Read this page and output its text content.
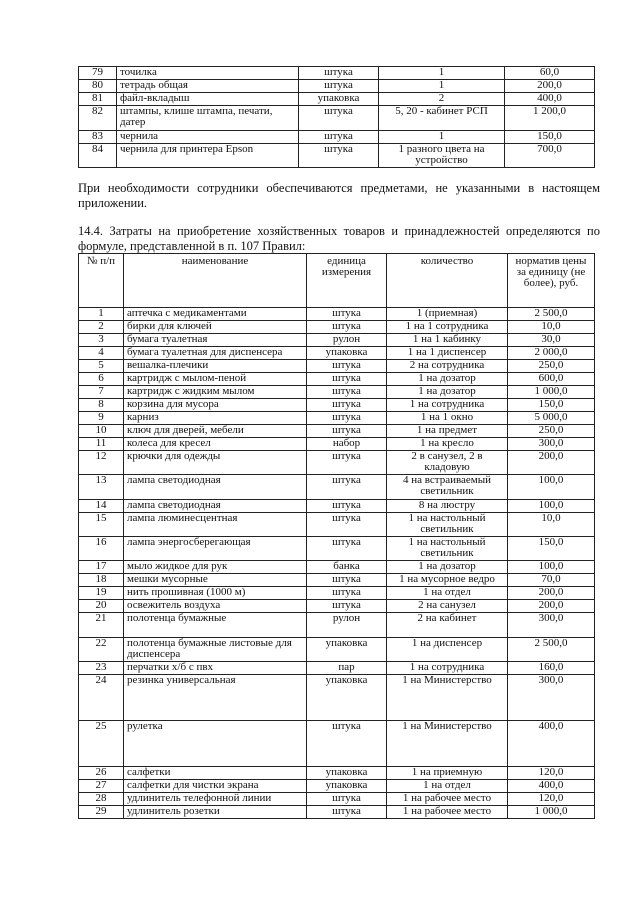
79	точилка	штука	1	60,0
80	тетрадь общая	штука	1	200,0
81	файл-вкладыш	упаковка	2	400,0
82	штампы, клише штампа, печати, датер	штука	5, 20 - кабинет РСП	1 200,0
83	чернила	штука	1	150,0
84	чернила для принтера Epson	штука	1 разного цвета на устройство	700,0

При необходимости сотрудники обеспечиваются предметами, не указанными в настоящем приложении.

14.4. Затраты на приобретение хозяйственных товаров и принадлежностей определяются по формуле, представленной в п. 107 Правил:

№ п/п	наименование	единица измерения	количество	норматив цены за единицу (не более), руб.
1	аптечка с медикаментами	штука	1 (приемная)	2 500,0
2	бирки для ключей	штука	1 на 1 сотрудника	10,0
3	бумага туалетная	рулон	1 на 1 кабинку	30,0
4	бумага туалетная для диспенсера	упаковка	1 на 1 диспенсер	2 000,0
5	вешалка-плечики	штука	2 на сотрудника	250,0
6	картридж с мылом-пеной	штука	1 на дозатор	600,0
7	картридж с жидким мылом	штука	1 на дозатор	1 000,0
8	корзина для мусора	штука	1 на сотрудника	150,0
9	карниз	штука	1 на 1 окно	5 000,0
10	ключ для дверей, мебели	штука	1 на предмет	250,0
11	колеса для кресел	набор	1 на кресло	300,0
12	крючки для одежды	штука	2 в санузел, 2 в кладовую	200,0
13	лампа светодиодная	штука	4 на встраиваемый светильник	100,0
14	лампа светодиодная	штука	8 на люстру	100,0
15	лампа люминесцентная	штука	1 на настольный светильник	10,0
16	лампа энергосберегающая	штука	1 на настольный светильник	150,0
17	мыло жидкое для рук	банка	1 на дозатор	100,0
18	мешки мусорные	штука	1 на мусорное ведро	70,0
19	нить прошивная (1000 м)	штука	1 на отдел	200,0
20	освежитель воздуха	штука	2 на санузел	200,0
21	полотенца бумажные	рулон	2 на кабинет	300,0
22	полотенца бумажные листовые для диспенсера	упаковка	1 на диспенсер	2 500,0
23	перчатки х/б с пвх	пар	1 на сотрудника	160,0
24	резинка универсальная	упаковка	1 на Министерство	300,0
25	рулетка	штука	1 на Министерство	400,0
26	салфетки	упаковка	1 на приемную	120,0
27	салфетки для чистки экрана	упаковка	1 на отдел	400,0
28	удлинитель телефонной линии	штука	1 на рабочее место	120,0
29	удлинитель розетки	штука	1 на рабочее место	1 000,0
